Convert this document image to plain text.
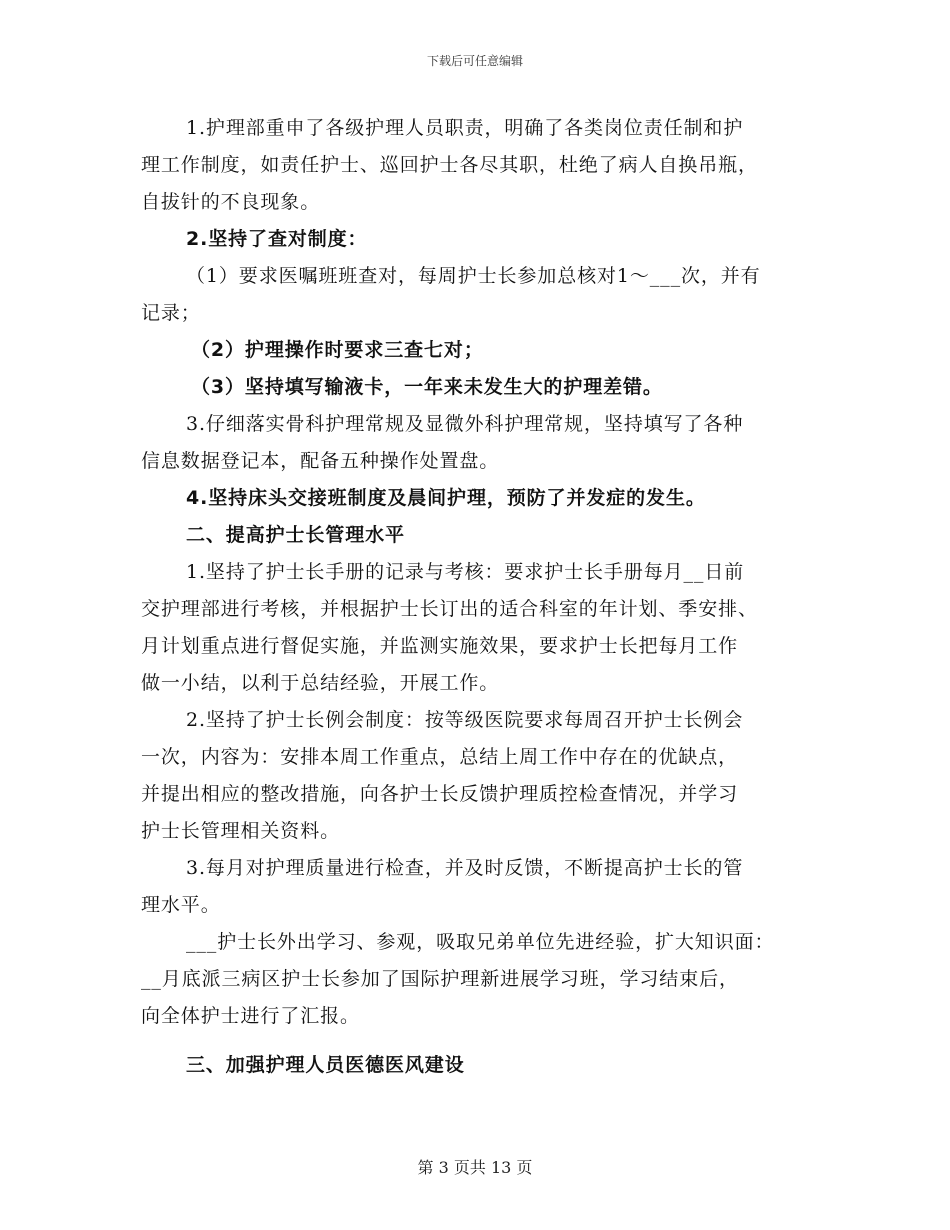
下载后可任意编辑
1.护理部重申了各级护理人员职责，明确了各类岗位责任制和护
理工作制度，如责任护士、巡回护士各尽其职，杜绝了病人自换吊瓶，
自拔针的不良现象。
2.坚持了查对制度：
（1）要求医嘱班班查对，每周护士长参加总核对1～___次，并有
记录；
（2）护理操作时要求三查七对；
（3）坚持填写输液卡，一年来未发生大的护理差错。
3.仔细落实骨科护理常规及显微外科护理常规，坚持填写了各种
信息数据登记本，配备五种操作处置盘。
4.坚持床头交接班制度及晨间护理，预防了并发症的发生。
二、提高护士长管理水平
1.坚持了护士长手册的记录与考核：要求护士长手册每月__日前
交护理部进行考核，并根据护士长订出的适合科室的年计划、季安排、
月计划重点进行督促实施，并监测实施效果，要求护士长把每月工作
做一小结，以利于总结经验，开展工作。
2.坚持了护士长例会制度：按等级医院要求每周召开护士长例会
一次，内容为：安排本周工作重点，总结上周工作中存在的优缺点，
并提出相应的整改措施，向各护士长反馈护理质控检查情况，并学习
护士长管理相关资料。
3.每月对护理质量进行检查，并及时反馈，不断提高护士长的管
理水平。
___护士长外出学习、参观，吸取兄弟单位先进经验，扩大知识面：
__月底派三病区护士长参加了国际护理新进展学习班，学习结束后，
向全体护士进行了汇报。
三、加强护理人员医德医风建设
第 3 页共 13 页
